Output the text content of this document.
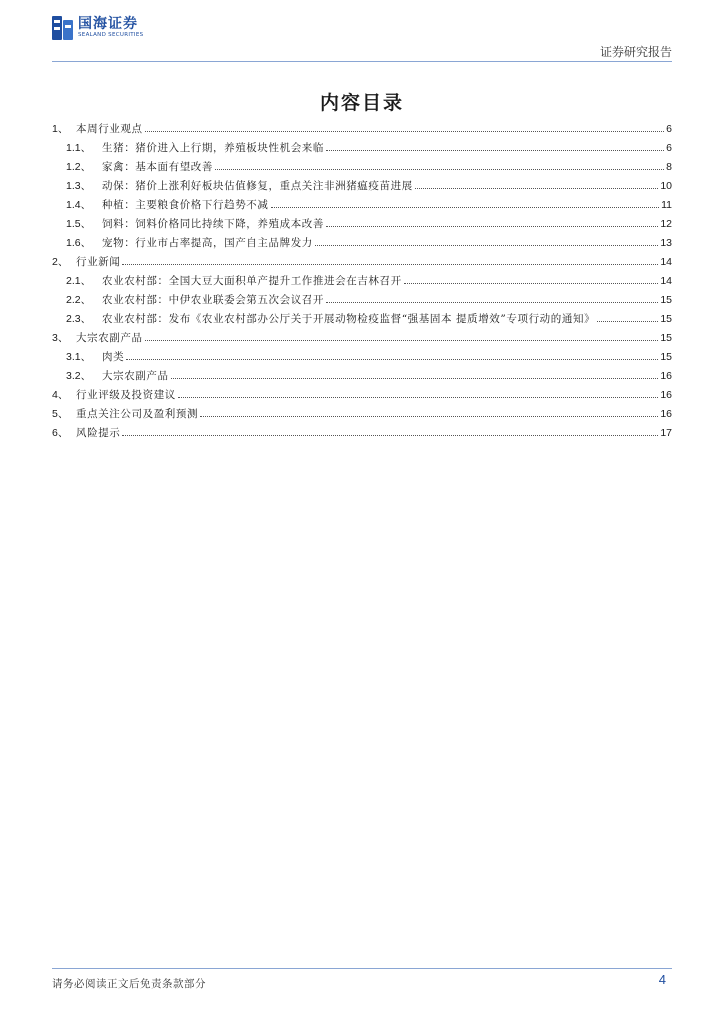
国海证券
SEALAND SECURITIES
证券研究报告
内容目录
1、 本周行业观点	6
1.1、	生猪：猪价进入上行期，养殖板块性机会来临	6
1.2、	家禽：基本面有望改善	8
1.3、	动保：猪价上涨利好板块估值修复，重点关注非洲猪瘟疫苗进展	10
1.4、	种植：主要粮食价格下行趋势不减	11
1.5、	饲料：饲料价格同比持续下降，养殖成本改善	12
1.6、	宠物：行业市占率提高，国产自主品牌发力	13
2、 行业新闻	14
2.1、	农业农村部：全国大豆大面积单产提升工作推进会在吉林召开	14
2.2、	农业农村部：中伊农业联委会第五次会议召开	15
2.3、	农业农村部：发布《农业农村部办公厅关于开展动物检疫监督“强基固本 提质增效”专项行动的通知》	15
3、 大宗农副产品	15
3.1、	肉类	15
3.2、	大宗农副产品	16
4、 行业评级及投资建议	16
5、 重点关注公司及盈利预测	16
6、 风险提示	17
请务必阅读正文后免责条款部分	4
